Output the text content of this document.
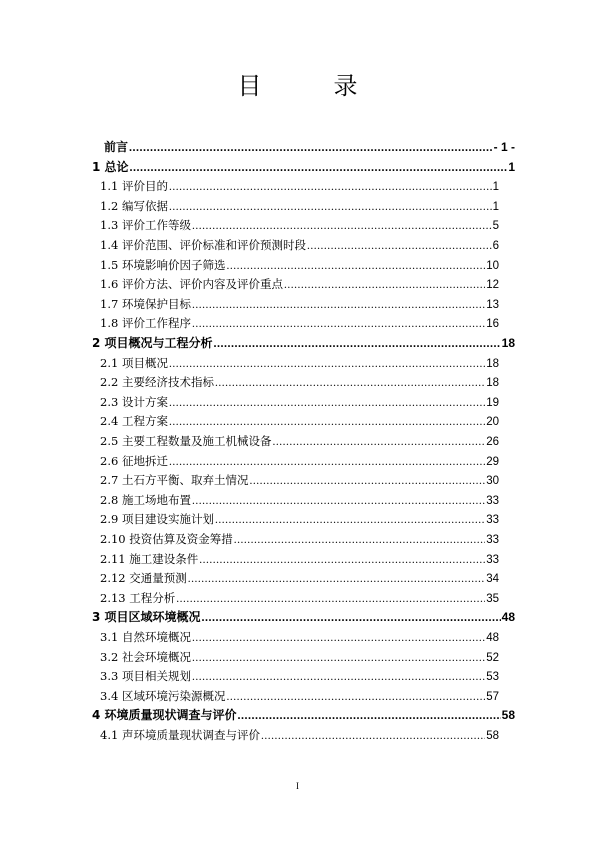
目　录
前言 .....	- 1 -
1 总论 .....	1
1.1 评价目的 .....	1
1.2 编写依据 .....	1
1.3 评价工作等级 .....	5
1.4 评价范围、评价标准和评价预测时段 .....	6
1.5 环境影响价因子筛选 .....	10
1.6 评价方法、评价内容及评价重点 .....	12
1.7 环境保护目标 .....	13
1.8 评价工作程序 .....	16
2 项目概况与工程分析 .....	18
2.1 项目概况 .....	18
2.2 主要经济技术指标 .....	18
2.3 设计方案 .....	19
2.4 工程方案 .....	20
2.5 主要工程数量及施工机械设备 .....	26
2.6 征地拆迁 .....	29
2.7 土石方平衡、取弃土情况 .....	30
2.8 施工场地布置 .....	33
2.9 项目建设实施计划 .....	33
2.10 投资估算及资金筹措 .....	33
2.11 施工建设条件 .....	33
2.12 交通量预测 .....	34
2.13 工程分析 .....	35
3 项目区域环境概况 .....	48
3.1 自然环境概况 .....	48
3.2 社会环境概况 .....	52
3.3 项目相关规划 .....	53
3.4 区域环境污染源概况 .....	57
4 环境质量现状调查与评价 .....	58
4.1 声环境质量现状调查与评价 .....	58
I
